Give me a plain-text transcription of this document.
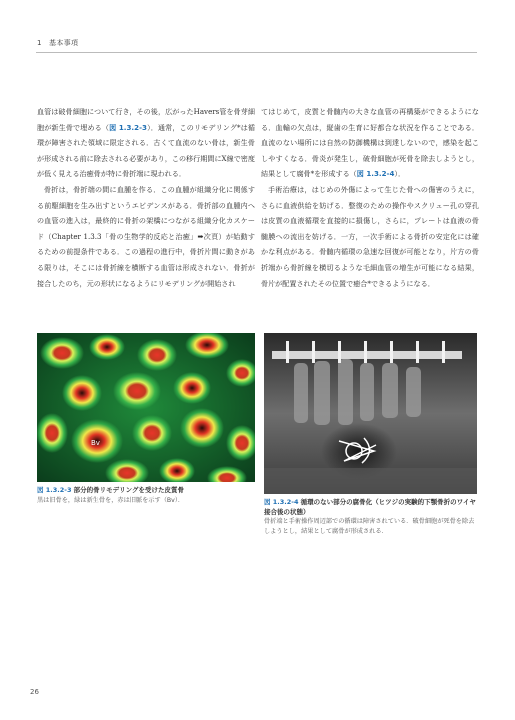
1　基本事項

血管は破骨細胞について行き，その後，広がったHavers管を骨芽細胞が新生骨で埋める（図 1.3.2-3）．通常，このリモデリング*は循環が障害された領域に限定される．古くて血流のない骨は，新生骨が形成される前に除去される必要があり，この移行期間にX線で密度が低く見える治癒骨が特に骨折端に現われる．

骨折は，骨折端の間に血腫を作る．この血腫が組織分化に関係する前駆細胞を生み出すというエビデンスがある．骨折部の血腫内への血管の進入は，最終的に骨折の架橋につながる組織分化カスケード（Chapter 1.3.3「骨の生物学的反応と治癒」➡次頁）が始動するための前提条件である．この過程の進行中，骨折片間に動きがある限りは，そこには骨折線を横断する血管は形成されない．骨折が接合したのち，元の形状になるようにリモデリングが開始され

てはじめて，皮質と骨髄内の大きな血管の再構築ができるようになる．血輸の欠点は，縦歯の生育に好都合な状況を作ることである．血流のない場所には自然の防御機構は到達しないので，感染を起こしやすくなる．骨炎が発生し，破骨細胞が死骨を除去しようとし，結果として腐骨*を形成する（図 1.3.2-4）．

手術治療は，はじめの外傷によって生じた骨への傷害のうえに，さらに血液供給を妨げる．整復のための操作やスクリュー孔の穿孔は皮質の血液循環を直接的に損傷し，さらに，プレートは血液の骨髄膜への流出を妨げる．一方，一次手術による骨折の安定化には確かな利点がある．骨髄内循環の急速な回復が可能となり，片方の骨折端から骨折線を横切るような毛細血管の増生が可能になる結果，骨片が配置されたその位置で癒合*できるようになる．

Bv
図 1.3.2-3 部分的骨リモデリングを受けた皮質骨
黒は旧骨を，緑は新生骨を，赤は旧脈を示す（Bv）．	図 1.3.2-4 循環のない部分の腐骨化（ヒツジの実験的下顎骨折のワイヤ接合後の状態）
骨折端と手術操作周辺部での循環は障害されている．破骨細胞が死骨を除去しようとし，結果として腐骨が形成される．
26
